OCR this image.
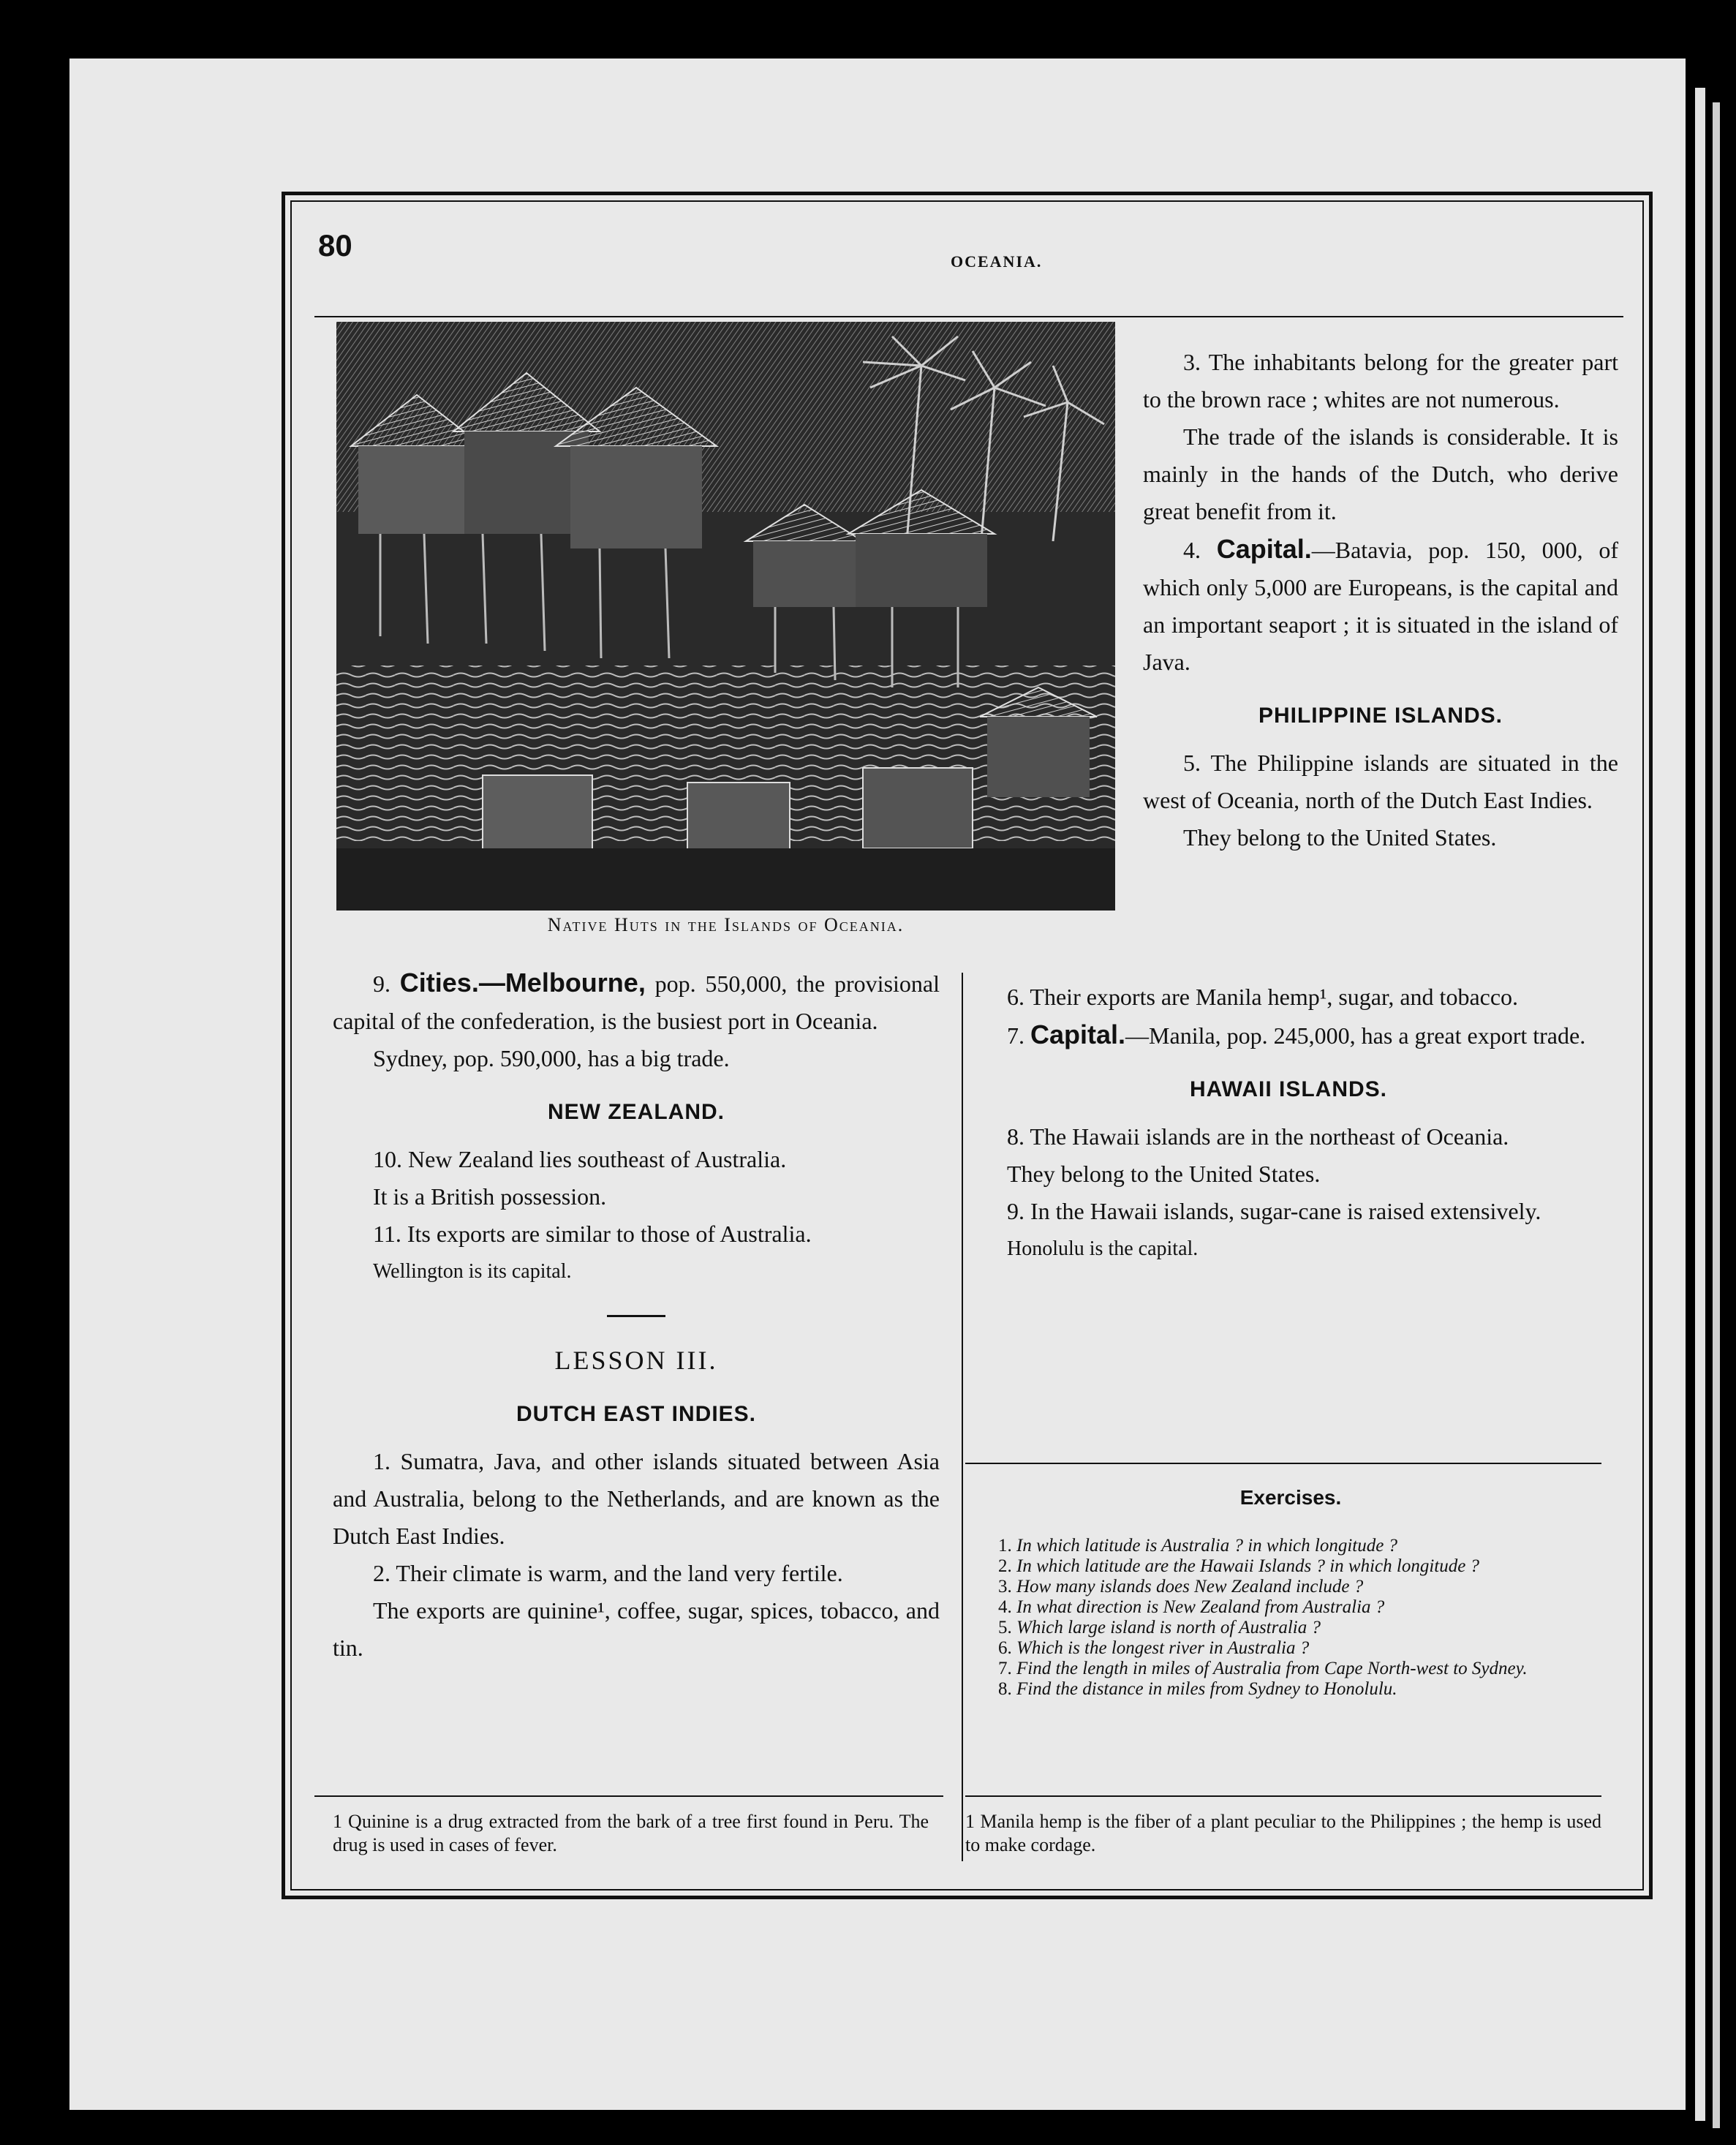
80	OCEANIA.
Native Huts in the Islands of Oceania.

3. The inhabitants belong for the greater part to the brown race ; whites are not numerous.

The trade of the islands is considerable. It is mainly in the hands of the Dutch, who derive great benefit from it.

4. Capital.—Batavia, pop. 150, 000, of which only 5,000 are Europeans, is the capital and an important seaport ; it is situated in the island of Java.

PHILIPPINE ISLANDS.

5. The Philippine islands are situated in the west of Oceania, north of the Dutch East Indies.

They belong to the United States.

9. Cities.—Melbourne, pop. 550,000, the provisional capital of the confederation, is the busiest port in Oceania.

Sydney, pop. 590,000, has a big trade.

NEW ZEALAND.

10. New Zealand lies southeast of Australia.

It is a British possession.

11. Its exports are similar to those of Australia.

Wellington is its capital.

LESSON III.

DUTCH EAST INDIES.

1. Sumatra, Java, and other islands situated between Asia and Australia, belong to the Netherlands, and are known as the Dutch East Indies.

2. Their climate is warm, and the land very fertile.

The exports are quinine¹, coffee, sugar, spices, tobacco, and tin.

6. Their exports are Manila hemp¹, sugar, and tobacco.

7. Capital.—Manila, pop. 245,000, has a great export trade.

HAWAII ISLANDS.

8. The Hawaii islands are in the northeast of Oceania.

They belong to the United States.

9. In the Hawaii islands, sugar-cane is raised extensively.

Honolulu is the capital.

Exercises.
1. In which latitude is Australia ? in which longitude ?
2. In which latitude are the Hawaii Islands ? in which longitude ?
3. How many islands does New Zealand include ?
4. In what direction is New Zealand from Australia ?
5. Which large island is north of Australia ?
6. Which is the longest river in Australia ?
7. Find the length in miles of Australia from Cape North-west to Sydney.
8. Find the distance in miles from Sydney to Honolulu.
1 Quinine is a drug extracted from the bark of a tree first found in Peru. The drug is used in cases of fever.
1 Manila hemp is the fiber of a plant peculiar to the Philippines ; the hemp is used to make cordage.
